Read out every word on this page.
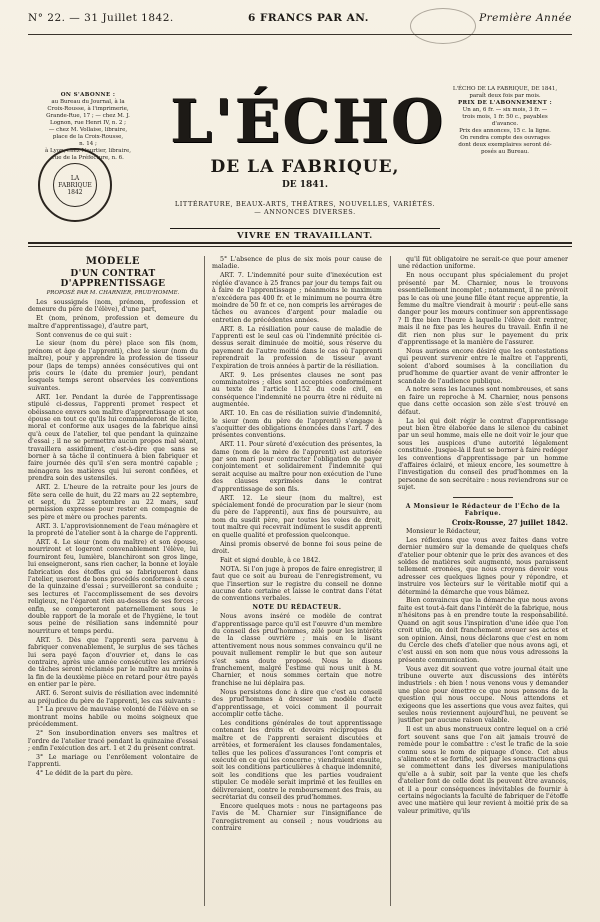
N° 22. — 31 Juillet 1842.	6 FRANCS PAR AN.	Première Année
ON S'ABONNE :
au Bureau du Journal, à la
Croix-Rousse, à l'imprimerie,
Grande-Rue, 17 ; — chez M. J.
Lognon, rue Henri IV, n. 2 ;
— chez M. Vollaise, libraire,
place de la Croix-Rousse,
n. 14 ;
à Lyon, chez Nourtier, libraire,
rue de la Préfecture, n. 6.
LA FABRIQUE 1842
L'ÉCHO
DE LA FABRIQUE,
DE 1841.
LITTÉRATURE, BEAUX-ARTS, THÉÂTRES, NOUVELLES, VARIÉTÉS. — ANNONCES DIVERSES.
VIVRE EN TRAVAILLANT.
L'ÉCHO DE LA FABRIQUE, DE 1841,
paraît deux fois par mois.
PRIX DE L'ABONNEMENT :
Un an, 6 fr. — six mois, 3 fr. —
trois mois, 1 fr. 50 c., payables
d'avance.
Prix des annonces, 15 c. la ligne.
On rendra compte des ouvrages
dont deux exemplaires seront dé-
posés au Bureau.

MODÈLE

D'UN CONTRAT D'APPRENTISSAGE

PROPOSÉ PAR M. CHARNIER, PRUD'HOMME.

Les soussignés (nom, prénom, profession et demeure du père de l'élève), d'une part,

Et (nom, prénom, profession et demeure du maître d'apprentissage), d'autre part,

Sont convenus de ce qui suit :

Le sieur (nom du père) place son fils (nom, prénom et âge de l'apprenti), chez le sieur (nom du maître), pour y apprendre la profession de tisseur pour (laps de temps) années consécutives qui ont pris cours le (date du premier jour), pendant lesquels temps seront observées les conventions suivantes.

ART. 1er. Pendant la durée de l'apprentissage stipulé ci-dessus, l'apprenti promet respect et obéissance envers son maître d'apprentissage et son épouse en tout ce qu'ils lui commanderont de licite, moral et conforme aux usages de la fabrique ainsi qu'à ceux de l'atelier, tel que pendant la quinzaine d'essai ; il ne se permettra aucun propos mal séant, travaillera assidûment, c'est-à-dire que sans se borner à sa tâche il continuera à bien fabriquer et faire journée dès qu'il s'en sera montré capable ; ménagera les matières qui lui seront confiées, et prendra soin des ustensiles.

ART. 2. L'heure de la retraite pour les jours de fête sera celle de huit, du 22 mars au 22 septembre, et sept, du 22 septembre au 22 mars, sauf permission expresse pour rester en compagnie de ses père et mère ou proches parents.

ART. 3. L'approvisionnement de l'eau ménagère et la propreté de l'atelier sont à la charge de l'apprenti.

ART. 4. Le sieur (nom du maître) et son épouse, nourriront et logeront convenablement l'élève, lui fourniront feu, lumière, blanchiront son gros linge, lui enseigneront, sans rien cacher, la bonne et loyale fabrication des étoffes qui se fabriqueront dans l'atelier, useront de bons procédés conformes à ceux de la quinzaine d'essai ; surveilleront sa conduite ; ses lectures et l'accomplissement de ses devoirs religieux, ne l'égaront rien au-dessus de ses forces ; enfin, se comporteront paternellement sous le double rapport de la morale et de l'hygiène, le tout sous peine de résiliation sans indemnité pour nourriture et temps perdu.

ART. 5. Dès que l'apprenti sera parvenu à fabriquer convenablement, le surplus de ses tâches lui sera payé façon d'ouvrier et, dans le cas contraire, après une année consécutive les arriérés de tâches seront réclamés par le maître au moins à la fin de la deuxième pièce en retard pour être payés en entier par le père.

ART. 6. Seront suivis de résiliation avec indemnité au préjudice du père de l'apprenti, les cas suivants :

1° La preuve de mauvaise volonté de l'élève en se montrant moins habile ou moins soigneux que précédemment.

2° Son insubordination envers ses maîtres et l'ordre de l'atelier tracé pendant la quinzaine d'essai ; enfin l'exécution des art. 1 et 2 du présent contrat.

3° Le mariage ou l'enrôlement volontaire de l'apprenti.

4° Le dédit de la part du père.

5° L'absence de plus de six mois pour cause de maladie.

ART. 7. L'indemnité pour suite d'inexécution est réglée d'avance à 25 francs par jour du temps fait ou à faire de l'apprentissage ; néanmoins le maximum n'excédera pas 400 fr. et le minimum ne pourra être moindre de 50 fr. et ce, non compris les arrérages de tâches ou avances d'argent pour maladie ou entretien de précédentes années.

ART. 8. La résiliation pour cause de maladie de l'apprenti est le seul cas où l'indemnité précitée ci-dessus serait diminuée de moitié, sous réserve du payement de l'autre moitié dans le cas où l'apprenti reprendrait la profession de tisseur avant l'expiration de trois années à partir de la résiliation.

ART. 9. Les présentes clauses ne sont pas comminatoires ; elles sont acceptées conformément au texte de l'article 1152 du code civil, en conséquence l'indemnité ne pourra être ni réduite ni augmentée.

ART. 10. En cas de résiliation suivie d'indemnité, le sieur (nom du père de l'apprenti) s'engage à s'acquitter des obligations énoncées dans l'art. 7 des présentes conventions.

ART. 11. Pour sûreté d'exécution des présentes, la dame (nom de la mère de l'apprenti) est autorisée par son mari pour contracter l'obligation de payer conjointement et solidairement l'indemnité qui serait acquise au maître pour non exécution de l'une des clauses exprimées dans le contrat d'apprentissage de son fils.

ART. 12. Le sieur (nom du maître), est spécialement fondé de procuration par le sieur (nom du père de l'apprenti), aux fins de poursuivre, au nom du susdit père, par toutes les voies de droit, tout maître qui recevrait indûment le susdit apprenti en quelle qualité et profession quelconque.

Ainsi promis observé de bonne foi sous peine de droit.

Fait et signé double, à ce 1842.

NOTA. Si l'on juge à propos de faire enregistrer, il faut que ce soit au bureau de l'enregistrement, vu que l'insertion sur le registre du conseil ne donne aucune date certaine et laisse le contrat dans l'état de conventions verbales.

NOTE DU RÉDACTEUR.

Nous avons inséré ce modèle de contrat d'apprentissage parce qu'il est l'œuvre d'un membre du conseil des prud'hommes, zélé pour les intérêts de la classe ouvrière ; mais en le lisant attentivement nous nous sommes convaincu qu'il ne pouvait nullement remplir le but que son auteur s'est sans doute proposé. Nous le disons franchement, malgré l'estime qui nous unit à M. Charnier, et nous sommes certain que notre franchise ne lui déplaira pas.

Nous persistons donc à dire que c'est au conseil des prud'hommes à dresser un modèle d'acte d'apprentissage, et voici comment il pourrait accomplir cette tâche.

Les conditions générales de tout apprentissage contenant les droits et devoirs réciproques du maître et de l'apprenti seraient discutées et arrêtées, et formeraient les clauses fondamentales, telles que les polices d'assurances l'ont compris et exécuté en ce qui les concerne ; viendraient ensuite, soit les conditions particulières à chaque indemnité, soit les conditions que les parties voudraient stipuler. Ce modèle serait imprimé et les feuilles en délivreraient, contre le remboursement des frais, au secrétariat du conseil des prud'hommes.

Encore quelques mots : nous ne partageons pas l'avis de M. Charnier sur l'insignifiance de l'enregistrement au conseil ; nous voudrions au contraire

qu'il fût obligatoire ne serait-ce que pour amener une rédaction uniforme.

En nous occupant plus spécialement du projet présenté par M. Charnier, nous le trouvons essentiellement incomplet ; notamment, il ne prévoit pas le cas où une jeune fille étant reçue apprentie, la femme du maître viendrait à mourir : peut-elle sans danger pour les mœurs continuer son apprentissage ? Il fixe bien l'heure à laquelle l'élève doit rentrer, mais il ne fixe pas les heures du travail. Enfin il ne dit rien non plus sur le payement du prix d'apprentissage et la manière de l'assurer.

Nous aurions encore désiré que les contestations qui peuvent survenir entre le maître et l'apprenti, soient d'abord soumises à la conciliation du prud'homme de quartier avant de venir affronter le scandale de l'audience publique.

A notre sens les lacunes sont nombreuses, et sans en faire un reproche à M. Charnier, nous pensons que dans cette occasion son zèle s'est trouvé en défaut.

La loi qui doit régir le contrat d'apprentissage peut bien être élaborée dans le silence du cabinet par un seul homme, mais elle ne doit voir le jour que sous les auspices d'une autorité légalement constituée. Jusque-là il faut se borner à faire redéger les conventions d'apprentissage par un homme d'affaires éclairé, et mieux encore, les soumettre à l'investigation du conseil des prud'hommes en la personne de son secrétaire : nous reviendrons sur ce sujet.

A Monsieur le Rédacteur de l'Écho de la Fabrique.

Croix-Rousse, 27 juillet 1842.

Monsieur le Rédacteur,

Les réflexions que vous avez faites dans votre dernier numéro sur la demande de quelques chefs d'atelier pour obtenir que le prix des avances et des soldes de matières soit augmenté, nous paraissent tellement erronées, que nous croyons devoir vous adresser ces quelques lignes pour y répondre, et instruire vos lecteurs sur le véritable motif qui a déterminé la démarche que vous blâmez.

Bien convaincus que la démarche que nous avons faite est tout-à-fait dans l'intérêt de la fabrique, nous n'hésitons pas à en prendre toute la responsabilité. Quand on agit sous l'inspiration d'une idée que l'on croit utile, on doit franchement avouer ses actes et son opinion. Ainsi, nous déclarons que c'est en nom du Cercle des chefs d'atelier que nous avons agi, et c'est aussi en son nom que nous vous adressons la présente communication.

Vous avez dit souvent que votre journal était une tribune ouverte aux discussions des intérêts industriels : eh bien ! nous venons vous y demander une place pour émettre ce que nous pensons de la question qui nous occupe. Nous attendons et exigeons que les assertions que vous avez faites, qui seules nous reviennent aujourd'hui, ne peuvent se justifier par aucune raison valable.

Il est un abus monstrueux contre lequel on a crié fort souvent sans que l'on ait jamais trouvé de remède pour le combattre : c'est le trafic de la soie connu sous le nom de piquage d'once. Cet abus s'alimente et se fortifie, soit par les soustractions qui se commettent dans les diverses manipulations qu'elle a à subir, soit par la vente que les chefs d'atelier font de celle dont ils peuvent être avancés, et il a pour conséquences inévitables de fournir à certains négociants la faculté de fabriquer de l'étoffe avec une matière qui leur revient à moitié prix de sa valeur primitive, qu'ils
